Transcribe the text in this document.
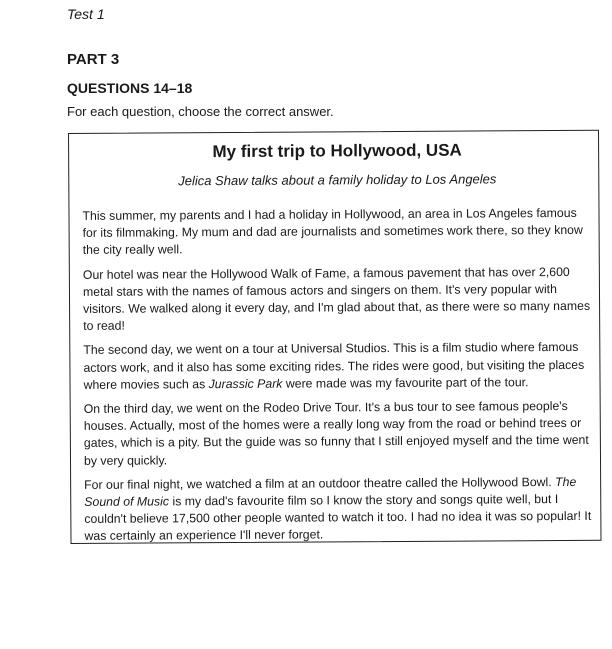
Test 1
PART 3
QUESTIONS 14–18
For each question, choose the correct answer.
My first trip to Hollywood, USA
Jelica Shaw talks about a family holiday to Los Angeles

This summer, my parents and I had a holiday in Hollywood, an area in Los Angeles famous for its filmmaking. My mum and dad are journalists and sometimes work there, so they know the city really well.

Our hotel was near the Hollywood Walk of Fame, a famous pavement that has over 2,600 metal stars with the names of famous actors and singers on them. It's very popular with visitors. We walked along it every day, and I'm glad about that, as there were so many names to read!

The second day, we went on a tour at Universal Studios. This is a film studio where famous actors work, and it also has some exciting rides. The rides were good, but visiting the places where movies such as Jurassic Park were made was my favourite part of the tour.

On the third day, we went on the Rodeo Drive Tour. It's a bus tour to see famous people's houses. Actually, most of the homes were a really long way from the road or behind trees or gates, which is a pity. But the guide was so funny that I still enjoyed myself and the time went by very quickly.

For our final night, we watched a film at an outdoor theatre called the Hollywood Bowl. The Sound of Music is my dad's favourite film so I know the story and songs quite well, but I couldn't believe 17,500 other people wanted to watch it too. I had no idea it was so popular! It was certainly an experience I'll never forget.
